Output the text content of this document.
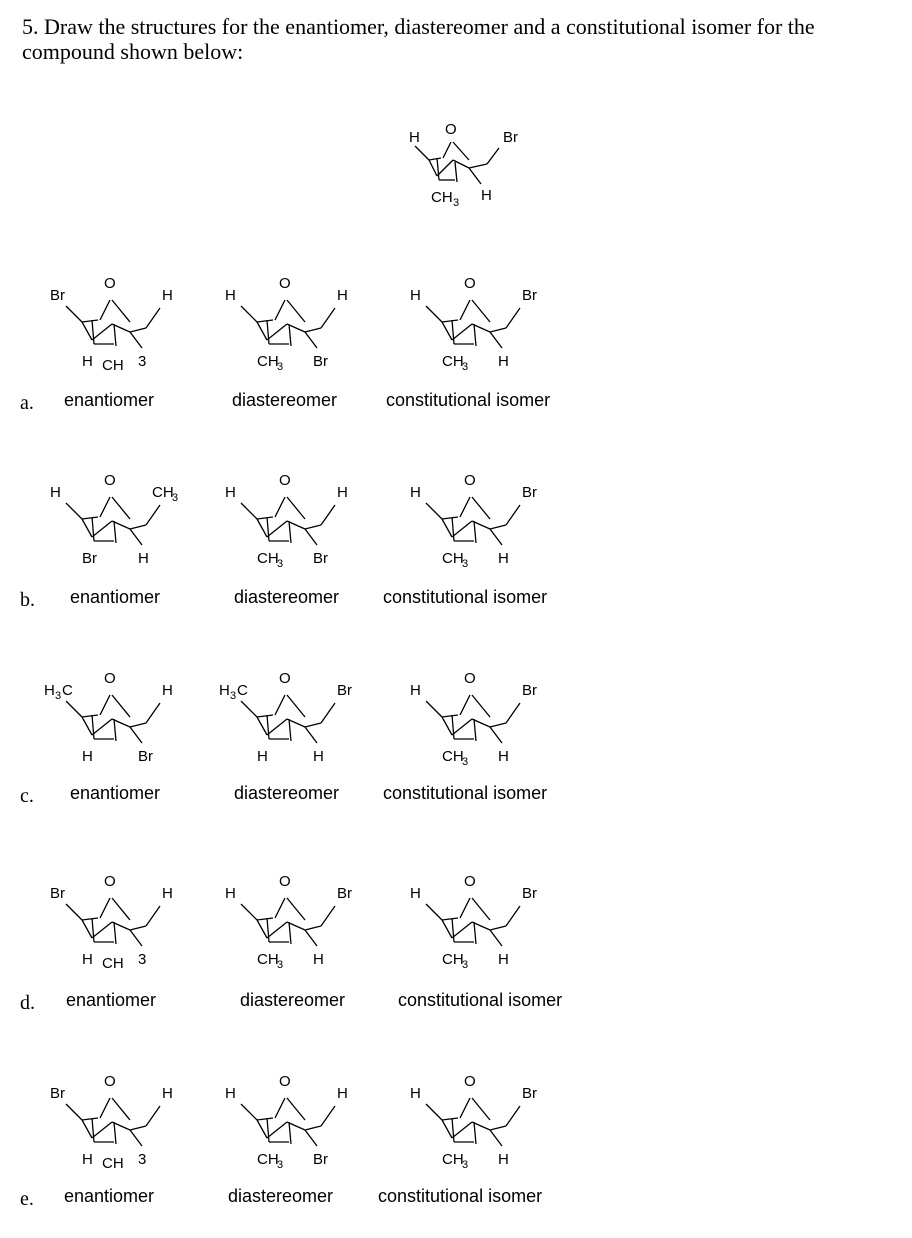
5. Draw the structures for the enantiomer, diastereomer and a constitutional isomer for the compound shown below:
H O	Br
CH 3 H
a. enantiomer	diastereomer	constitutional isomer
O
Br	H
H CH 3
O
H	H
CH
3 Br
O
H	Br
CH
3 H
b. enantiomer	diastereomer constitutional isomer
O
H	CH
3
Br	H
O
H	H
CH
3 Br
O
H	Br
CH
3 H
c. enantiomer	diastereomer constitutional isomer
O
H 3 C	H
H	Br
O
H 3 C	Br
H	H
O
H	Br
CH
3 H
d. enantiomer	diastereomer	constitutional isomer
O
Br	H
H CH 3
O
H	Br
CH
3 H
O
H	Br
CH
3 H
e. enantiomer	diastereomer constitutional isomer
O
Br	H
H CH 3
O
H	H
CH
3 Br
O
H	Br
CH
3 H
